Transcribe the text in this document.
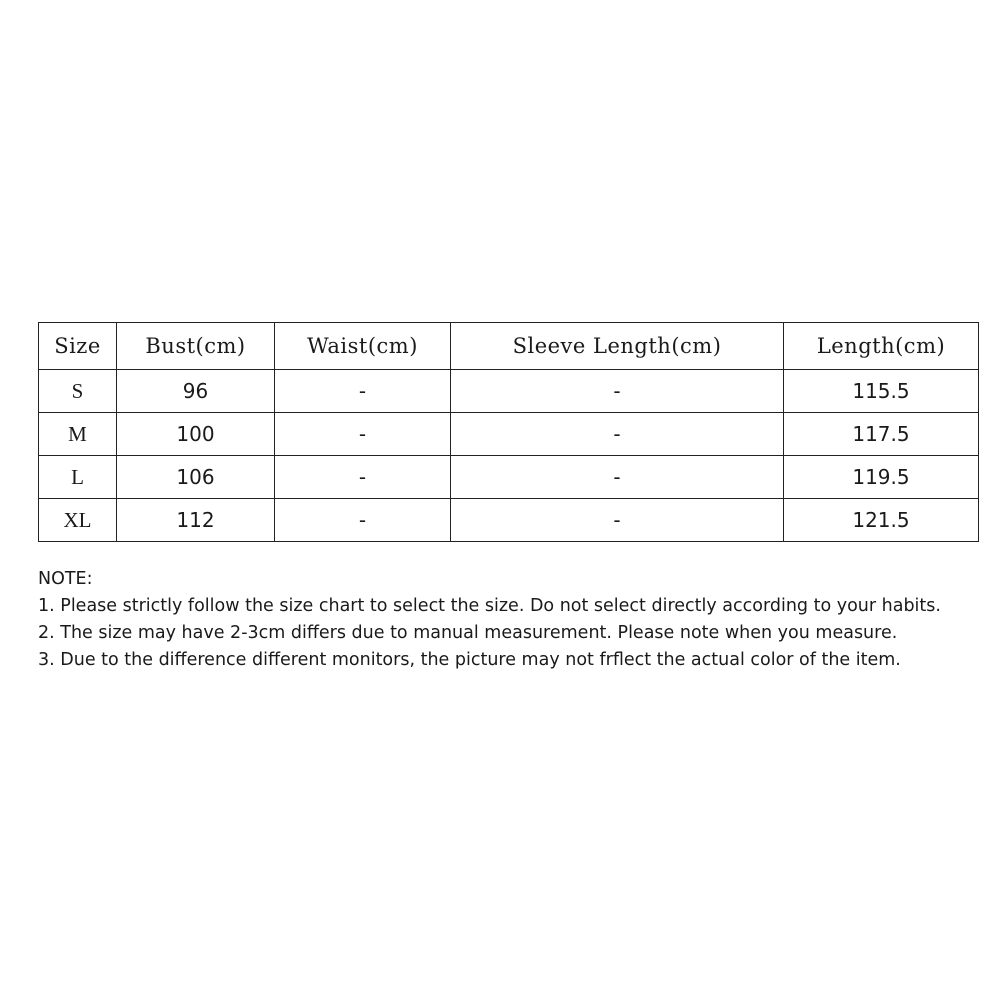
Size	Bust(cm)	Waist(cm)	Sleeve Length(cm)	Length(cm)
S	96	-	-	115.5
M	100	-	-	117.5
L	106	-	-	119.5
XL	112	-	-	121.5
NOTE:
1. Please strictly follow the size chart to select the size. Do not select directly according to your habits.
2. The size may have 2-3cm differs due to manual measurement. Please note when you measure.
3. Due to the difference different monitors, the picture may not frflect the actual color of the item.
